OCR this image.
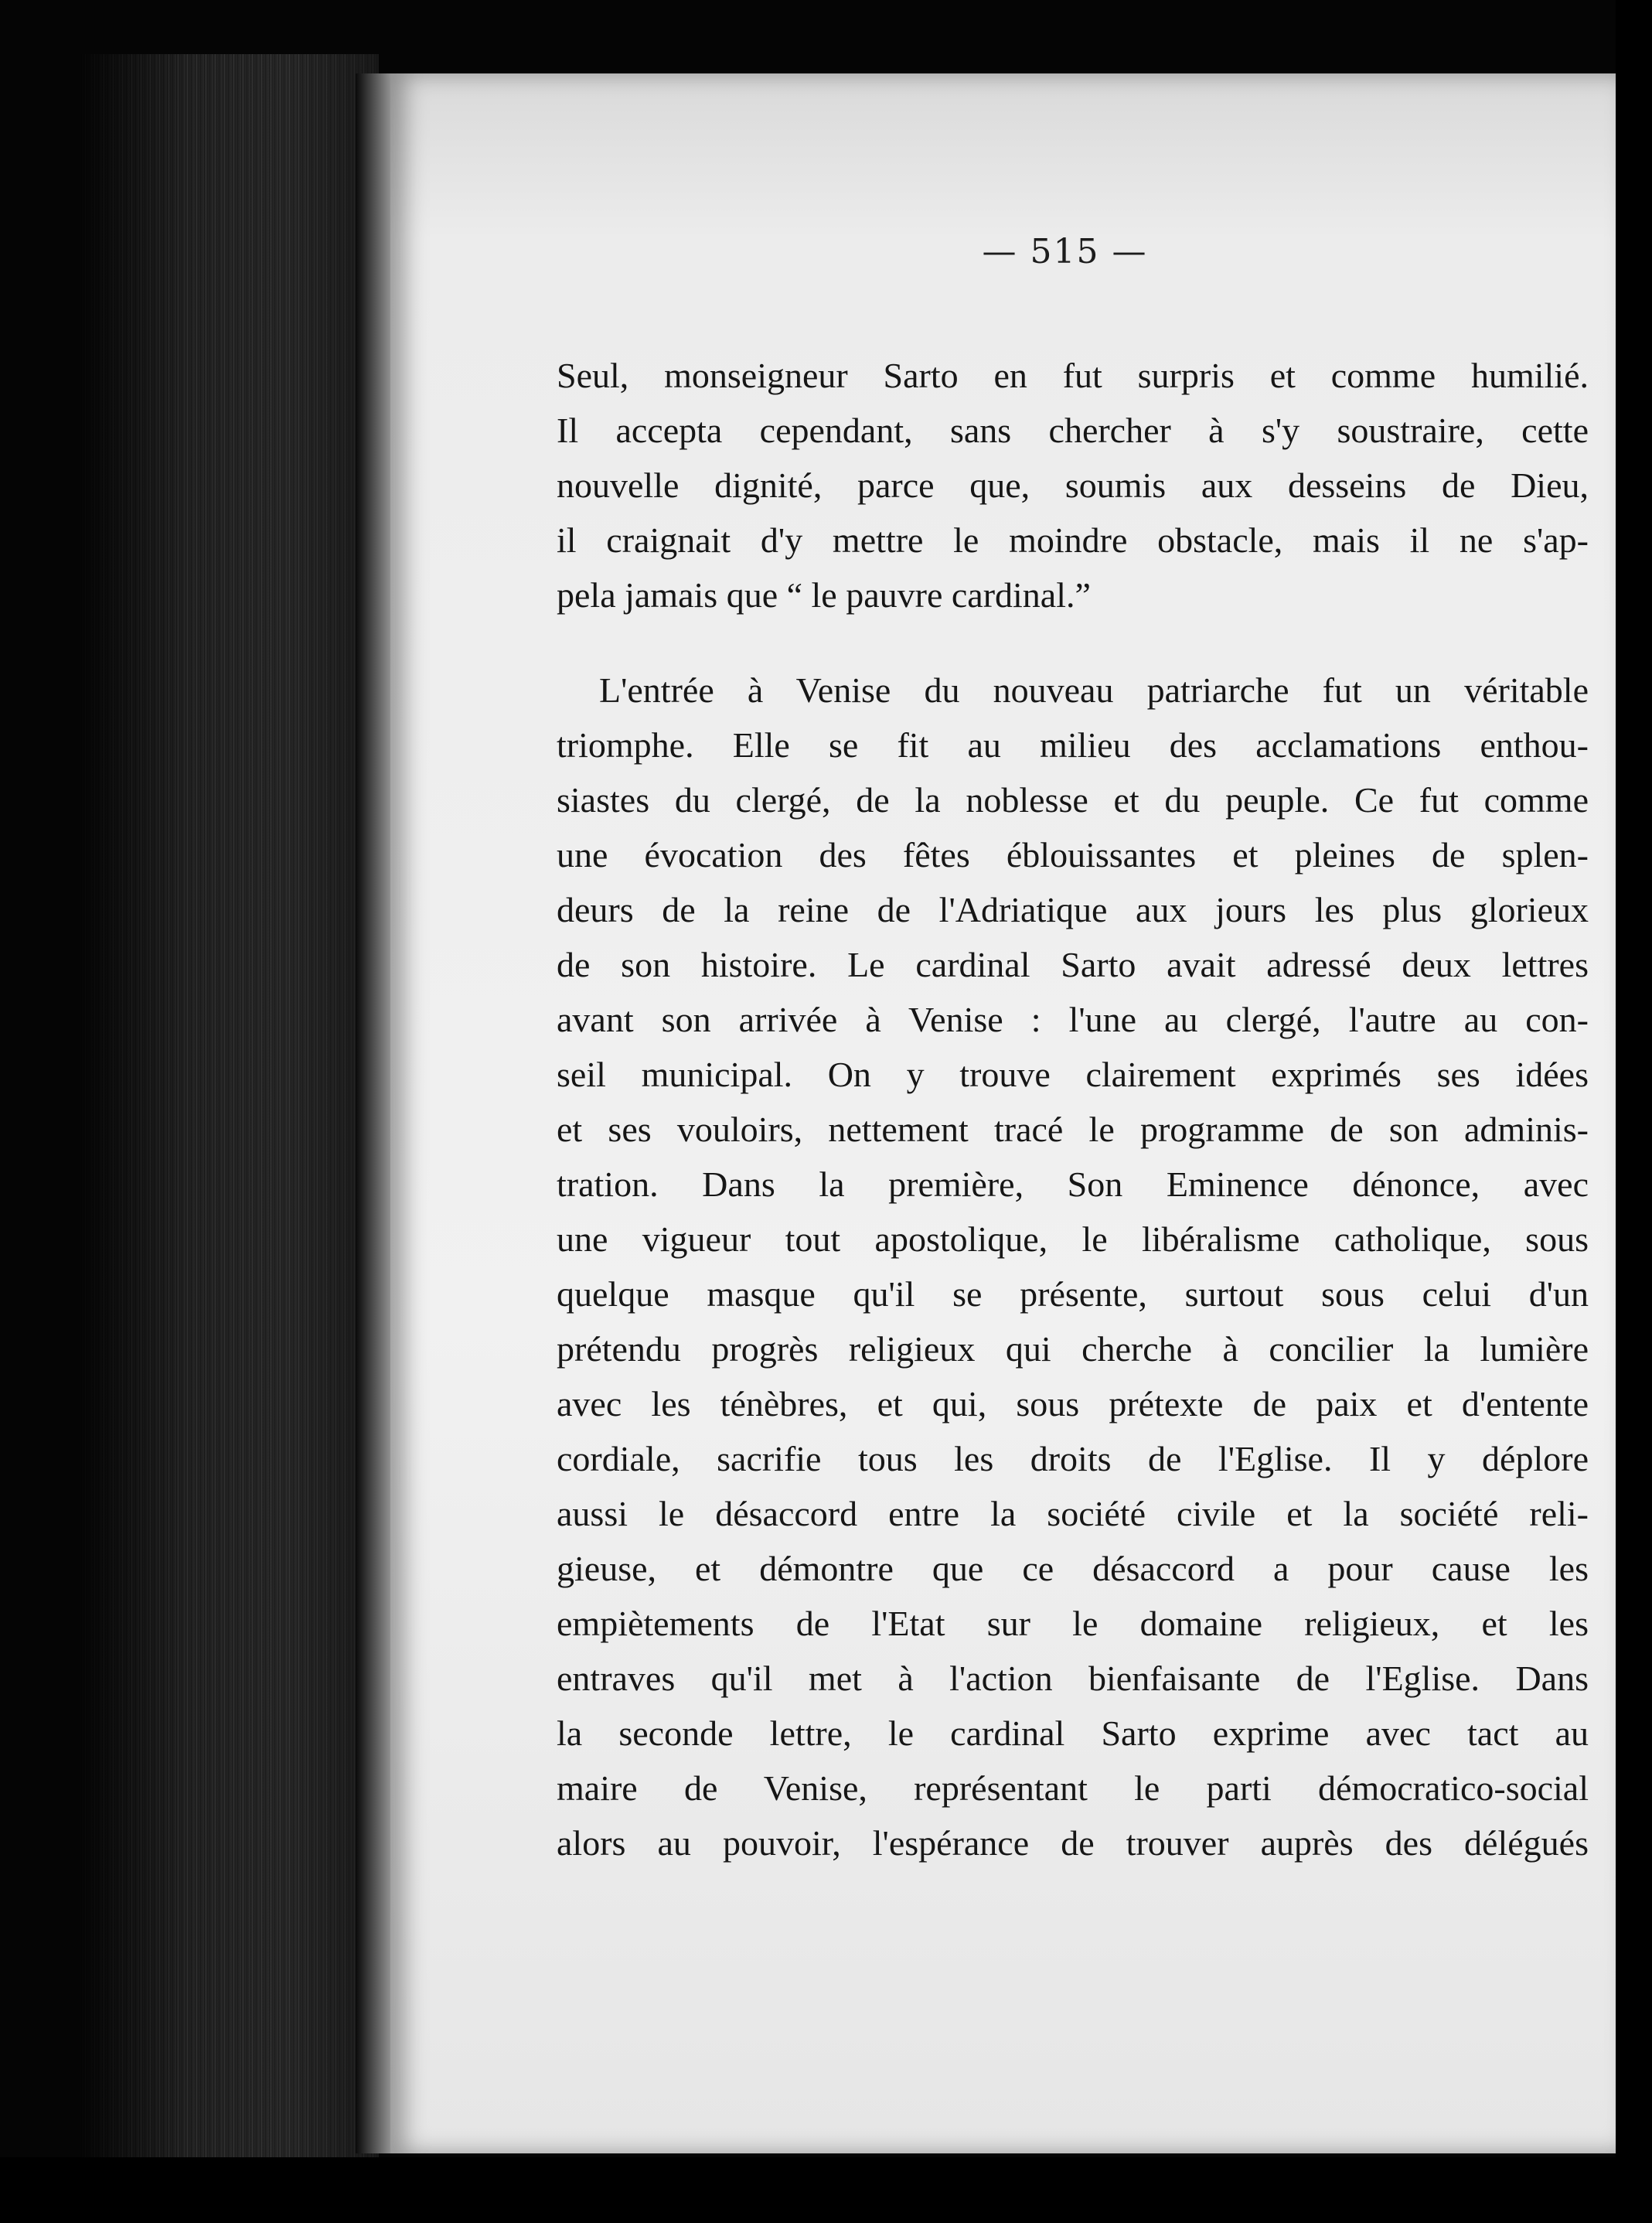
— 515 —

Seul, monseigneur Sarto en fut surpris et comme humilié.
Il accepta cependant, sans chercher à s'y soustraire, cette
nouvelle dignité, parce que, soumis aux desseins de Dieu,
il craignait d'y mettre le moindre obstacle, mais il ne s'ap-
pela jamais que “ le pauvre cardinal.”

L'entrée à Venise du nouveau patriarche fut un véritable
triomphe. Elle se fit au milieu des acclamations enthou-
siastes du clergé, de la noblesse et du peuple. Ce fut comme
une évocation des fêtes éblouissantes et pleines de splen-
deurs de la reine de l'Adriatique aux jours les plus glorieux
de son histoire. Le cardinal Sarto avait adressé deux lettres
avant son arrivée à Venise : l'une au clergé, l'autre au con-
seil municipal. On y trouve clairement exprimés ses idées
et ses vouloirs, nettement tracé le programme de son adminis-
tration. Dans la première, Son Eminence dénonce, avec
une vigueur tout apostolique, le libéralisme catholique, sous
quelque masque qu'il se présente, surtout sous celui d'un
prétendu progrès religieux qui cherche à concilier la lumière
avec les ténèbres, et qui, sous prétexte de paix et d'entente
cordiale, sacrifie tous les droits de l'Eglise. Il y déplore
aussi le désaccord entre la société civile et la société reli-
gieuse, et démontre que ce désaccord a pour cause les
empiètements de l'Etat sur le domaine religieux, et les
entraves qu'il met à l'action bienfaisante de l'Eglise. Dans
la seconde lettre, le cardinal Sarto exprime avec tact au
maire de Venise, représentant le parti démocratico-social
alors au pouvoir, l'espérance de trouver auprès des délégués
